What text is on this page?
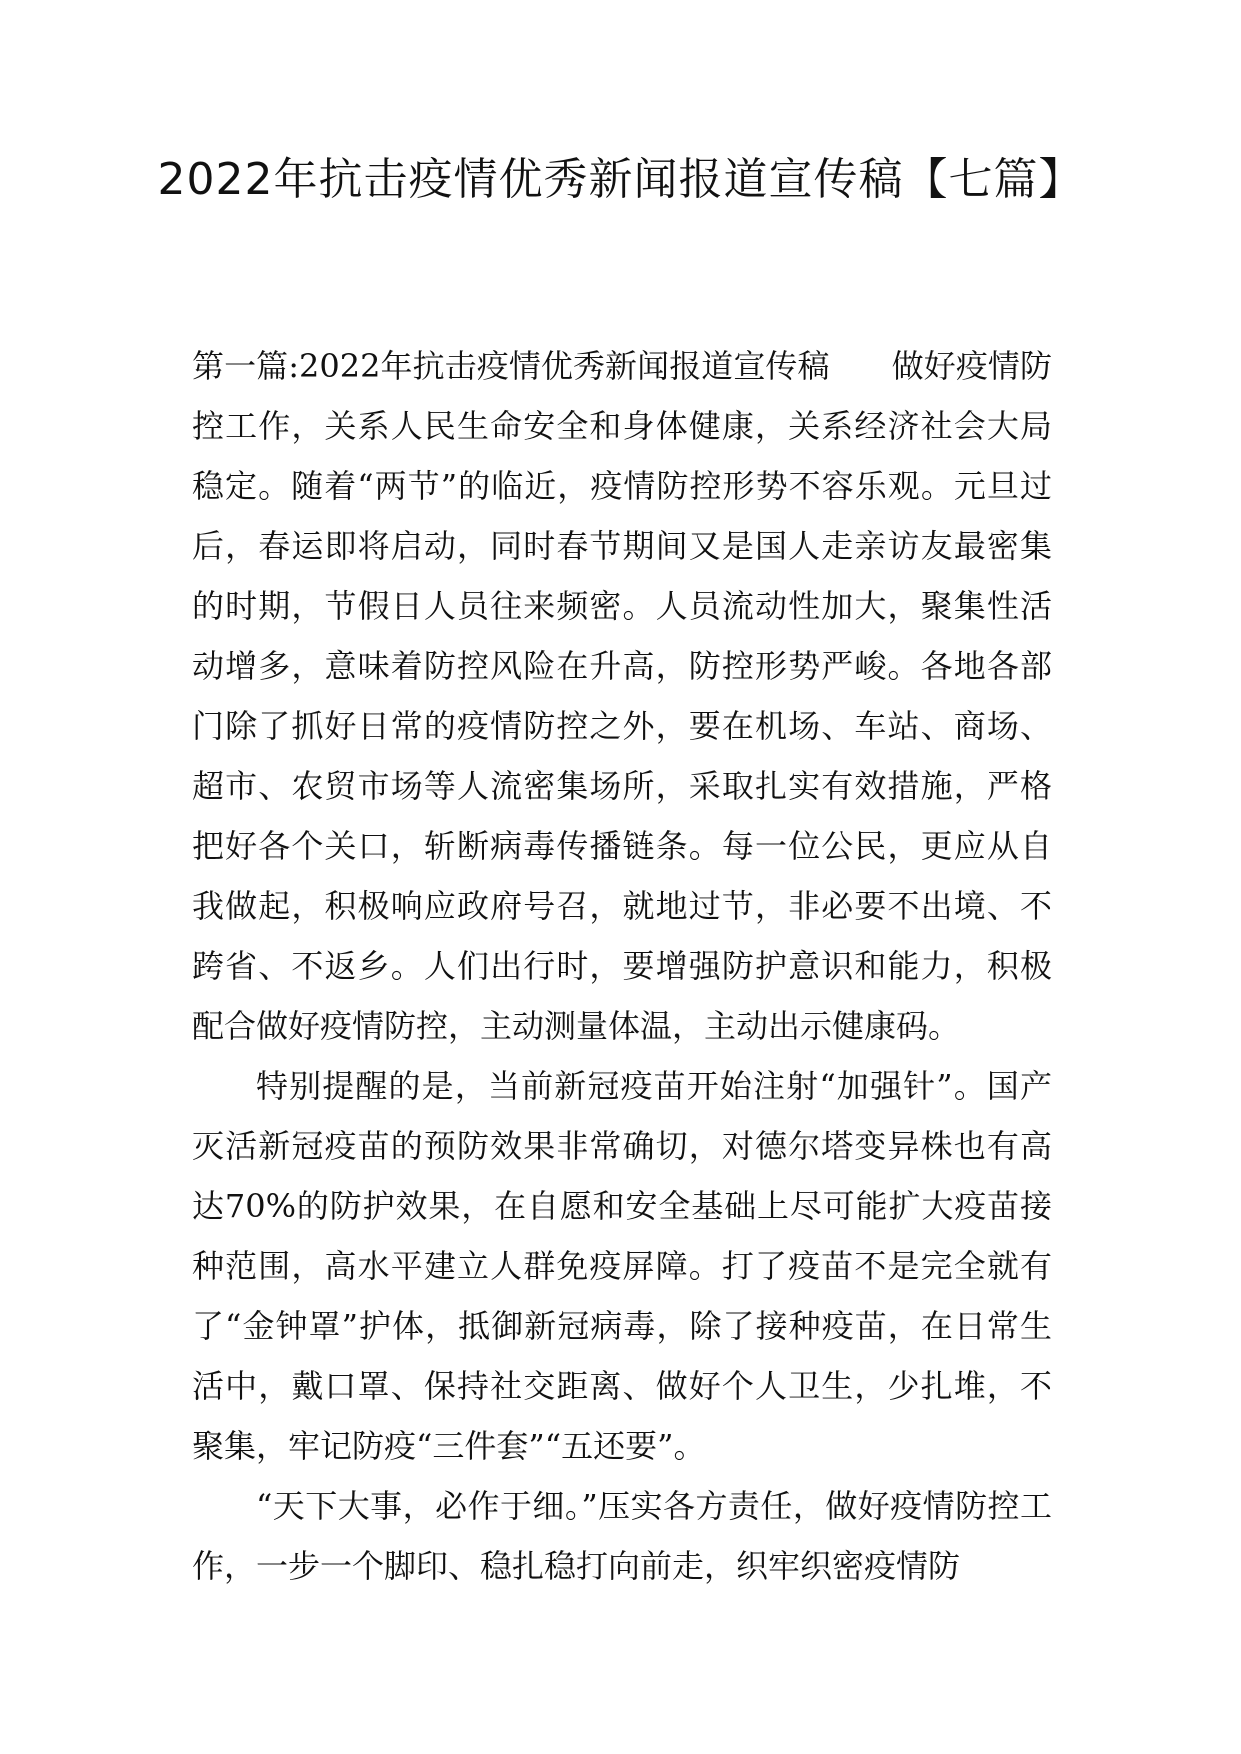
2022年抗击疫情优秀新闻报道宣传稿【七篇】

第一篇:2022年抗击疫情优秀新闻报道宣传稿 做好疫情防控工作，关系人民生命安全和身体健康，关系经济社会大局稳定。随着“两节”的临近，疫情防控形势不容乐观。元旦过后，春运即将启动，同时春节期间又是国人走亲访友最密集的时期，节假日人员往来频密。人员流动性加大，聚集性活动增多，意味着防控风险在升高，防控形势严峻。各地各部门除了抓好日常的疫情防控之外，要在机场、车站、商场、超市、农贸市场等人流密集场所，采取扎实有效措施，严格把好各个关口，斩断病毒传播链条。每一位公民，更应从自我做起，积极响应政府号召，就地过节，非必要不出境、不跨省、不返乡。人们出行时，要增强防护意识和能力，积极配合做好疫情防控，主动测量体温，主动出示健康码。

特别提醒的是，当前新冠疫苗开始注射“加强针”。国产灭活新冠疫苗的预防效果非常确切，对德尔塔变异株也有高达70%的防护效果，在自愿和安全基础上尽可能扩大疫苗接种范围，高水平建立人群免疫屏障。打了疫苗不是完全就有了“金钟罩”护体，抵御新冠病毒，除了接种疫苗，在日常生活中，戴口罩、保持社交距离、做好个人卫生，少扎堆，不聚集，牢记防疫“三件套”“五还要”。

“天下大事，必作于细。”压实各方责任，做好疫情防控工作，一步一个脚印、稳扎稳打向前走，织牢织密疫情防
